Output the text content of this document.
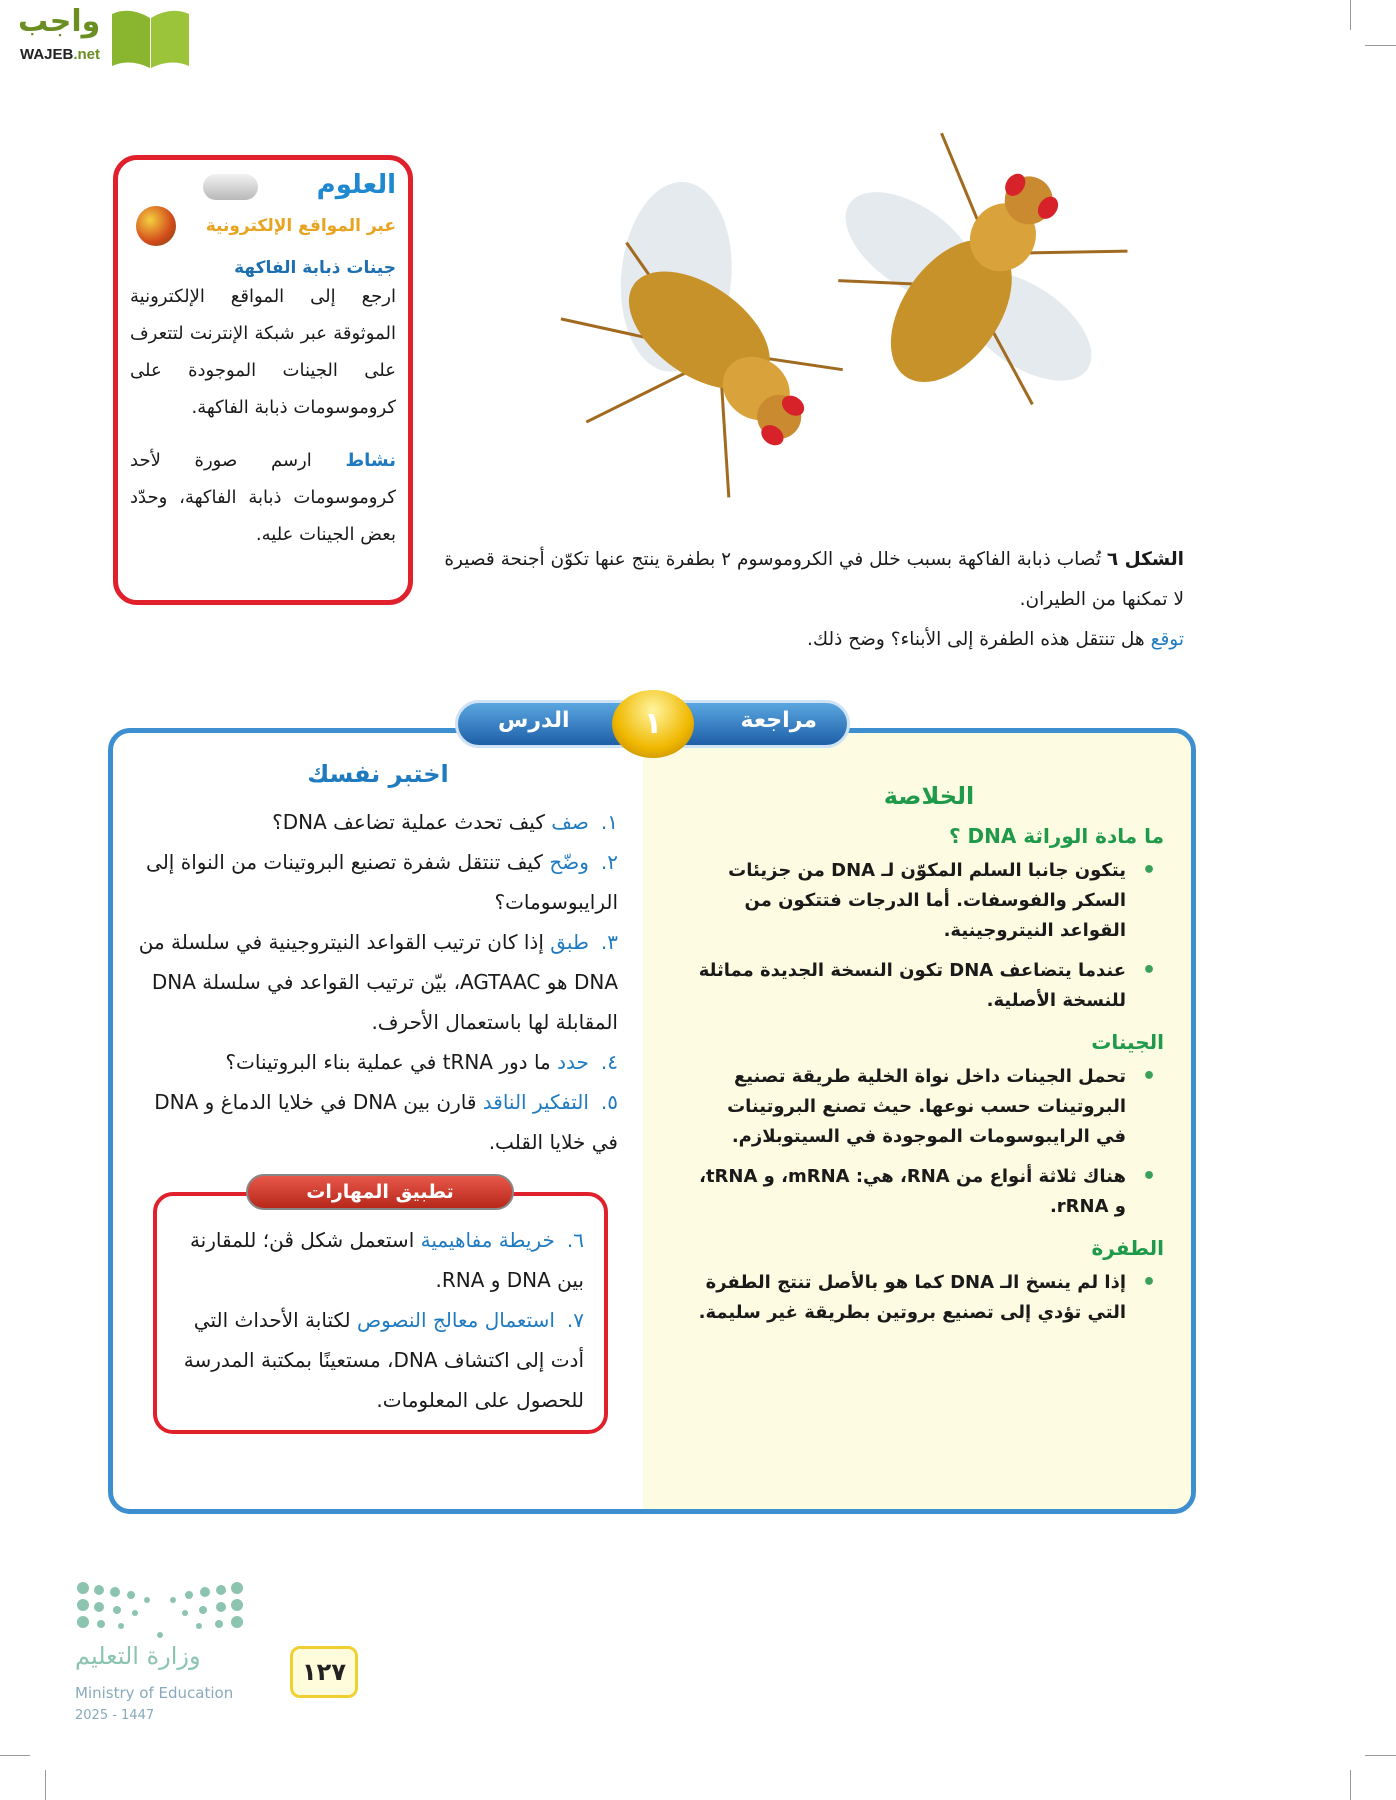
واجب
WAJEB.net
العلوم
عبر المواقع الإلكترونية
جينات ذبابة الفاكهة
ارجع إلى المواقع الإلكترونية الموثوقة عبر شبكة الإنترنت لتتعرف على الجينات الموجودة على كروموسومات ذبابة الفاكهة.
نشاط ارسم صورة لأحد كروموسومات ذبابة الفاكهة، وحدّد بعض الجينات عليه.
الشكل ٦ تُصاب ذبابة الفاكهة بسبب خلل في الكروموسوم ٢ بطفرة ينتج عنها تكوّن أجنحة قصيرة لا تمكنها من الطيران.
توقع هل تنتقل هذه الطفرة إلى الأبناء؟ وضح ذلك.
مراجعة
الدرس	١
الخلاصة
ما مادة الوراثة DNA ؟
• يتكون جانبا السلم المكوّن لـ DNA من جزيئات السكر والفوسفات. أما الدرجات فتتكون من القواعد النيتروجينية.
• عندما يتضاعف DNA تكون النسخة الجديدة مماثلة للنسخة الأصلية.
الجينات
• تحمل الجينات داخل نواة الخلية طريقة تصنيع البروتينات حسب نوعها. حيث تصنع البروتينات في الرايبوسومات الموجودة في السيتوبلازم.
• هناك ثلاثة أنواع من RNA، هي: mRNA، و tRNA، و rRNA.
الطفرة
• إذا لم ينسخ الـ DNA كما هو بالأصل تنتج الطفرة التي تؤدي إلى تصنيع بروتين بطريقة غير سليمة.
اختبر نفسك
١.صف كيف تحدث عملية تضاعف DNA؟
٢.وضّح كيف تنتقل شفرة تصنيع البروتينات من النواة إلى الرايبوسومات؟
٣.طبق إذا كان ترتيب القواعد النيتروجينية في سلسلة من DNA هو AGTAAC، بيّن ترتيب القواعد في سلسلة DNA المقابلة لها باستعمال الأحرف.
٤.حدد ما دور tRNA في عملية بناء البروتينات؟
٥.التفكير الناقد قارن بين DNA في خلايا الدماغ و DNA في خلايا القلب.
تطبيق المهارات
٦.خريطة مفاهيمية استعمل شكل ڤن؛ للمقارنة بين DNA و RNA.
٧.استعمال معالج النصوص لكتابة الأحداث التي أدت إلى اكتشاف DNA، مستعينًا بمكتبة المدرسة للحصول على المعلومات.
وزارة التعليم
Ministry of Education
2025 - 1447
١٢٧
